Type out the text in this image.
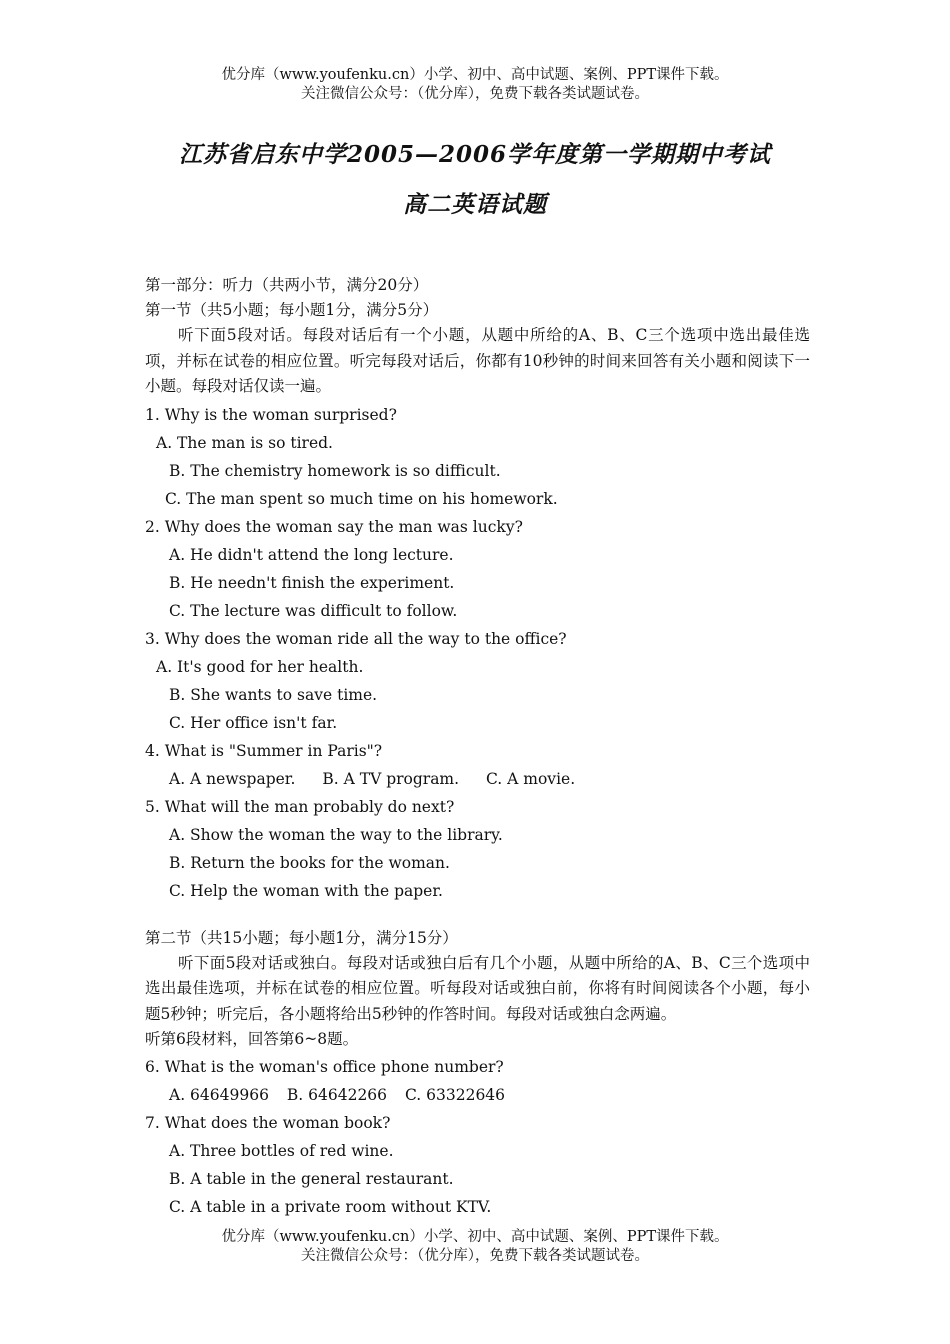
优分库（www.youfenku.cn）小学、初中、高中试题、案例、PPT课件下载。
关注微信公众号：（优分库），免费下载各类试题试卷。
江苏省启东中学2005—2006学年度第一学期期中考试
高二英语试题
第一部分：听力（共两小节，满分20分）
第一节（共5小题；每小题1分，满分5分）
听下面5段对话。每段对话后有一个小题，从题中所给的A、B、C三个选项中选出最佳选项，并标在试卷的相应位置。听完每段对话后，你都有10秒钟的时间来回答有关小题和阅读下一小题。每段对话仅读一遍。
1. Why is the woman surprised?
A. The man is so tired.
B. The chemistry homework is so difficult.
C. The man spent so much time on his homework.
2. Why does the woman say the man was lucky?
A. He didn't attend the long lecture.
B. He needn't finish the experiment.
C. The lecture was difficult to follow.
3. Why does the woman ride all the way to the office?
A. It's good for her health.
B. She wants to save time.
C. Her office isn't far.
4. What is "Summer in Paris"?
A. A newspaper. B. A TV program. C. A movie.
5. What will the man probably do next?
A. Show the woman the way to the library.
B. Return the books for the woman.
C. Help the woman with the paper.
第二节（共15小题；每小题1分，满分15分）
听下面5段对话或独白。每段对话或独白后有几个小题，从题中所给的A、B、C三个选项中选出最佳选项，并标在试卷的相应位置。听每段对话或独白前，你将有时间阅读各个小题，每小题5秒钟；听完后，各小题将给出5秒钟的作答时间。每段对话或独白念两遍。
听第6段材料，回答第6~8题。
6. What is the woman's office phone number?
A. 64649966 B. 64642266 C. 63322646
7. What does the woman book?
A. Three bottles of red wine.
B. A table in the general restaurant.
C. A table in a private room without KTV.
优分库（www.youfenku.cn）小学、初中、高中试题、案例、PPT课件下载。
关注微信公众号：（优分库），免费下载各类试题试卷。
